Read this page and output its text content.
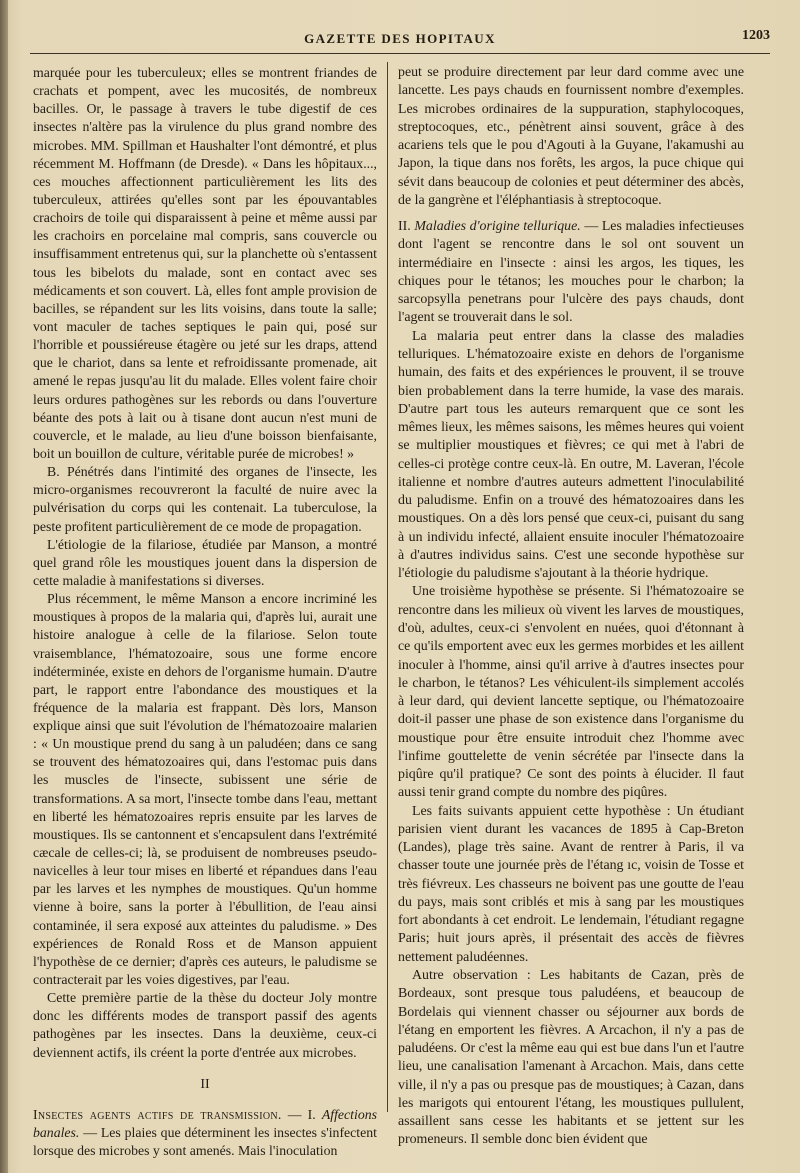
GAZETTE DES HOPITAUX	1203

marquée pour les tuberculeux; elles se montrent friandes de crachats et pompent, avec les mucosités, de nombreux bacilles. Or, le passage à travers le tube digestif de ces insectes n'altère pas la virulence du plus grand nombre des microbes. MM. Spillman et Haushalter l'ont démontré, et plus récemment M. Hoffmann (de Dresde). « Dans les hôpitaux..., ces mouches affectionnent particulièrement les lits des tuberculeux, attirées qu'elles sont par les épouvantables crachoirs de toile qui disparaissent à peine et même aussi par les crachoirs en porcelaine mal compris, sans couvercle ou insuffisamment entretenus qui, sur la planchette où s'entassent tous les bibelots du malade, sont en contact avec ses médicaments et son couvert. Là, elles font ample provision de bacilles, se répandent sur les lits voisins, dans toute la salle; vont maculer de taches septiques le pain qui, posé sur l'horrible et poussiéreuse étagère ou jeté sur les draps, attend que le chariot, dans sa lente et refroidissante promenade, ait amené le repas jusqu'au lit du malade. Elles volent faire choir leurs ordures pathogènes sur les rebords ou dans l'ouverture béante des pots à lait ou à tisane dont aucun n'est muni de couvercle, et le malade, au lieu d'une boisson bienfaisante, boit un bouillon de culture, véritable purée de microbes! »

B. Pénétrés dans l'intimité des organes de l'insecte, les micro-organismes recouvreront la faculté de nuire avec la pulvérisation du corps qui les contenait. La tuberculose, la peste profitent particulièrement de ce mode de propagation.

L'étiologie de la filariose, étudiée par Manson, a montré quel grand rôle les moustiques jouent dans la dispersion de cette maladie à manifestations si diverses.

Plus récemment, le même Manson a encore incriminé les moustiques à propos de la malaria qui, d'après lui, aurait une histoire analogue à celle de la filariose. Selon toute vraisemblance, l'hématozoaire, sous une forme encore indéterminée, existe en dehors de l'organisme humain. D'autre part, le rapport entre l'abondance des moustiques et la fréquence de la malaria est frappant. Dès lors, Manson explique ainsi que suit l'évolution de l'hématozoaire malarien : « Un moustique prend du sang à un paludéen; dans ce sang se trouvent des hématozoaires qui, dans l'estomac puis dans les muscles de l'insecte, subissent une série de transformations. A sa mort, l'insecte tombe dans l'eau, mettant en liberté les hématozoaires repris ensuite par les larves de moustiques. Ils se cantonnent et s'encapsulent dans l'extrémité cæcale de celles-ci; là, se produisent de nombreuses pseudo-navicelles à leur tour mises en liberté et répandues dans l'eau par les larves et les nymphes de moustiques. Qu'un homme vienne à boire, sans la porter à l'ébullition, de l'eau ainsi contaminée, il sera exposé aux atteintes du paludisme. » Des expériences de Ronald Ross et de Manson appuient l'hypothèse de ce dernier; d'après ces auteurs, le paludisme se contracterait par les voies digestives, par l'eau.

Cette première partie de la thèse du docteur Joly montre donc les différents modes de transport passif des agents pathogènes par les insectes. Dans la deuxième, ceux-ci deviennent actifs, ils créent la porte d'entrée aux microbes.

II

Insectes agents actifs de transmission. — I. Affections banales. — Les plaies que déterminent les insectes s'infectent lorsque des microbes y sont amenés. Mais l'inoculation

peut se produire directement par leur dard comme avec une lancette. Les pays chauds en fournissent nombre d'exemples. Les microbes ordinaires de la suppuration, staphylocoques, streptocoques, etc., pénètrent ainsi souvent, grâce à des acariens tels que le pou d'Agouti à la Guyane, l'akamushi au Japon, la tique dans nos forêts, les argos, la puce chique qui sévit dans beaucoup de colonies et peut déterminer des abcès, de la gangrène et l'éléphantiasis à streptocoque.

II. Maladies d'origine tellurique. — Les maladies infectieuses dont l'agent se rencontre dans le sol ont souvent un intermédiaire en l'insecte : ainsi les argos, les tiques, les chiques pour le tétanos; les mouches pour le charbon; la sarcopsylla penetrans pour l'ulcère des pays chauds, dont l'agent se trouverait dans le sol.

La malaria peut entrer dans la classe des maladies telluriques. L'hématozoaire existe en dehors de l'organisme humain, des faits et des expériences le prouvent, il se trouve bien probablement dans la terre humide, la vase des marais. D'autre part tous les auteurs remarquent que ce sont les mêmes lieux, les mêmes saisons, les mêmes heures qui voient se multiplier moustiques et fièvres; ce qui met à l'abri de celles-ci protège contre ceux-là. En outre, M. Laveran, l'école italienne et nombre d'autres auteurs admettent l'inoculabilité du paludisme. Enfin on a trouvé des hématozoaires dans les moustiques. On a dès lors pensé que ceux-ci, puisant du sang à un individu infecté, allaient ensuite inoculer l'hématozoaire à d'autres individus sains. C'est une seconde hypothèse sur l'étiologie du paludisme s'ajoutant à la théorie hydrique.

Une troisième hypothèse se présente. Si l'hématozoaire se rencontre dans les milieux où vivent les larves de moustiques, d'où, adultes, ceux-ci s'envolent en nuées, quoi d'étonnant à ce qu'ils emportent avec eux les germes morbides et les aillent inoculer à l'homme, ainsi qu'il arrive à d'autres insectes pour le charbon, le tétanos? Les véhiculent-ils simplement accolés à leur dard, qui devient lancette septique, ou l'hématozoaire doit-il passer une phase de son existence dans l'organisme du moustique pour être ensuite introduit chez l'homme avec l'infime gouttelette de venin sécrétée par l'insecte dans la piqûre qu'il pratique? Ce sont des points à élucider. Il faut aussi tenir grand compte du nombre des piqûres.

Les faits suivants appuient cette hypothèse : Un étudiant parisien vient durant les vacances de 1895 à Cap-Breton (Landes), plage très saine. Avant de rentrer à Paris, il va chasser toute une journée près de l'étang ıc, voisin de Tosse et très fiévreux. Les chasseurs ne boivent pas une goutte de l'eau du pays, mais sont criblés et mis à sang par les moustiques fort abondants à cet endroit. Le lendemain, l'étudiant regagne Paris; huit jours après, il présentait des accès de fièvres nettement paludéennes.

Autre observation : Les habitants de Cazan, près de Bordeaux, sont presque tous paludéens, et beaucoup de Bordelais qui viennent chasser ou séjourner aux bords de l'étang en emportent les fièvres. A Arcachon, il n'y a pas de paludéens. Or c'est la même eau qui est bue dans l'un et l'autre lieu, une canalisation l'amenant à Arcachon. Mais, dans cette ville, il n'y a pas ou presque pas de moustiques; à Cazan, dans les marigots qui entourent l'étang, les moustiques pullulent, assaillent sans cesse les habitants et se jettent sur les promeneurs. Il semble donc bien évident que
